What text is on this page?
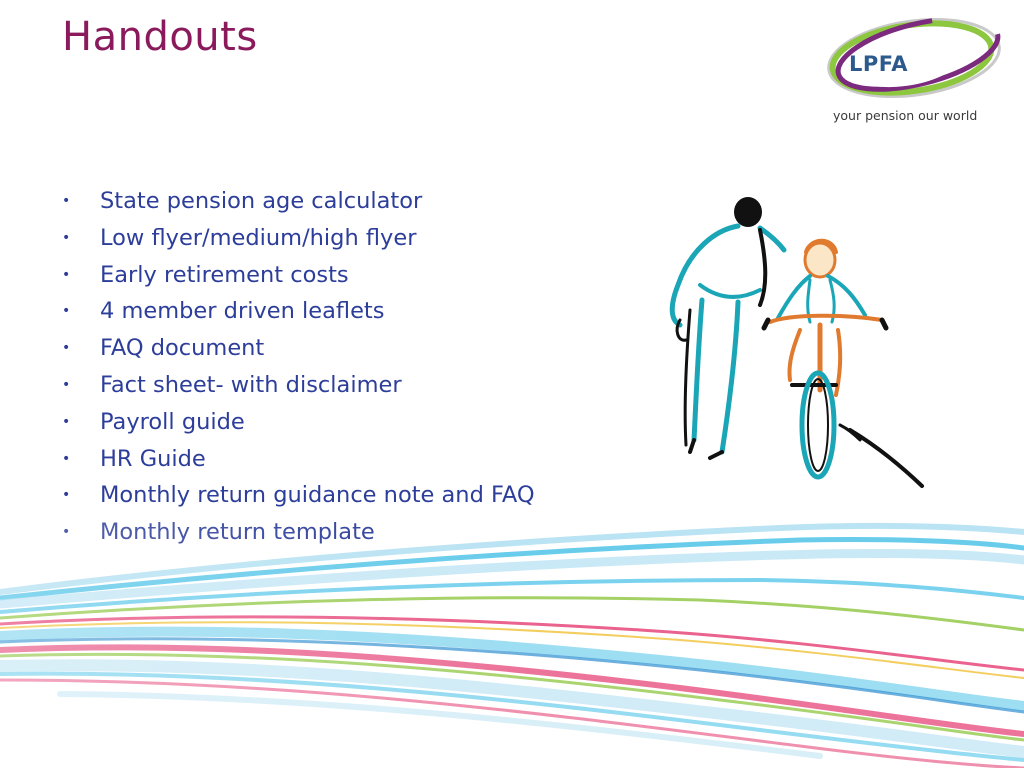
Handouts

LPFA

your pension our world

• State pension age calculator
• Low flyer/medium/high flyer
• Early retirement costs
• 4 member driven leaflets
• FAQ document
• Fact sheet- with disclaimer
• Payroll guide
• HR Guide
• Monthly return guidance note and FAQ
